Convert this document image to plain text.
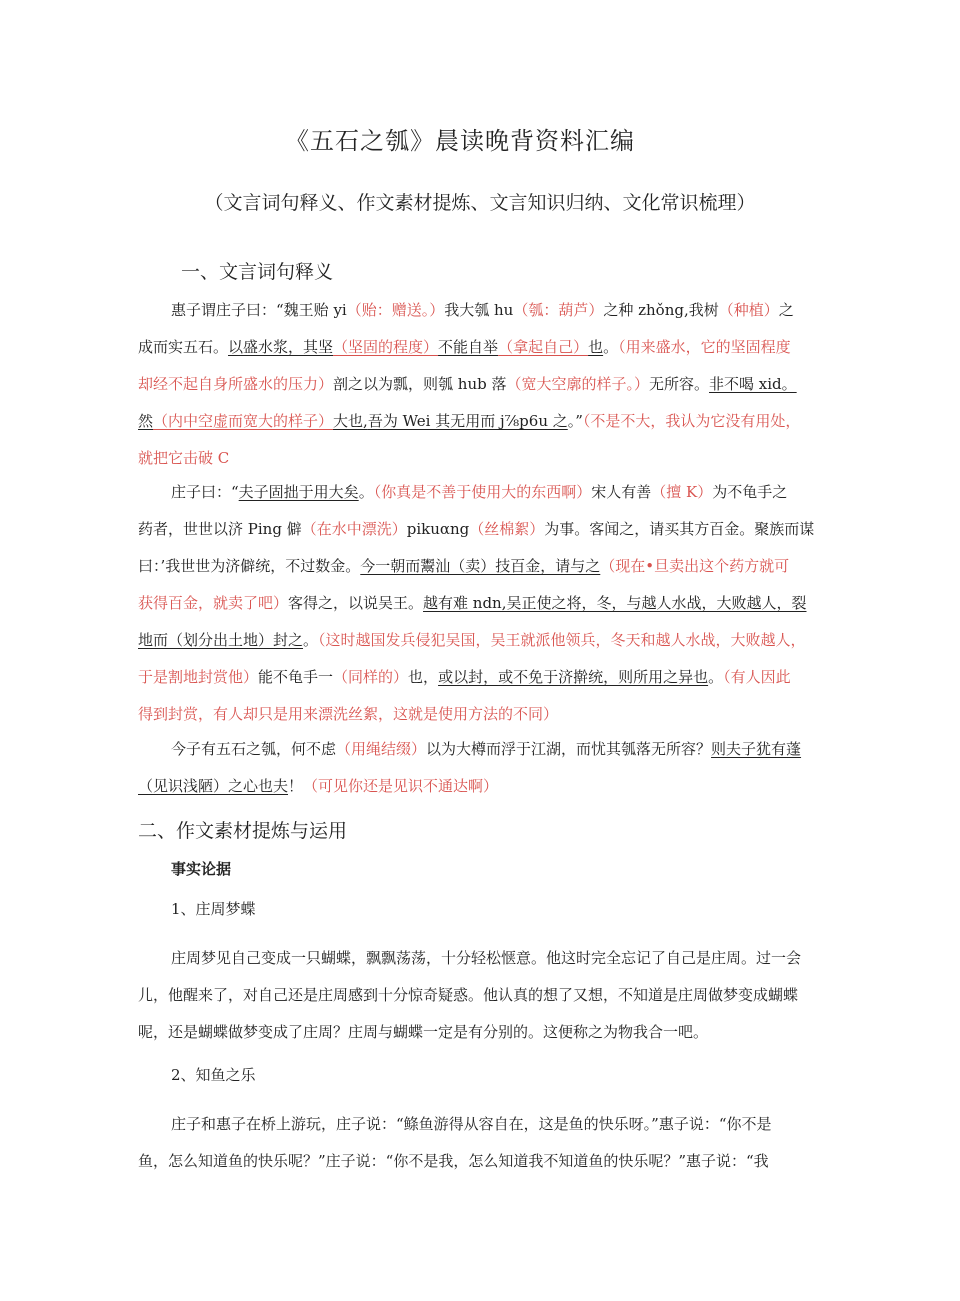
《五石之瓠》晨读晚背资料汇编
（文言词句释义、作文素材提炼、文言知识归纳、文化常识梳理）
一、文言词句释义
惠子谓庄子曰：“魏王贻 yi（贻：赠送。）我大瓠 hu（瓠：葫芦）之种 zhǒng,我树（种植）之
成而实五石。以盛水浆，其坚（坚固的程度）不能自举（拿起自己）也。（用来盛水，它的坚固程度
却经不起自身所盛水的压力）剖之以为瓢，则瓠 hub 落（宽大空廓的样子。）无所容。非不喝 xid。
然（内中空虚而宽大的样子）大也,吾为 Wei 其无用而 j⅞p6u 之。”（不是不大，我认为它没有用处，
就把它击破 C
庄子曰：“夫子固拙于用大矣。（你真是不善于使用大的东西啊）宋人有善（擅 K）为不龟手之
药者，世世以济 Ping 僻（在水中漂洗）pikuαng（丝棉絮）为事。客闻之，请买其方百金。聚族而谋
曰：’我世世为济僻统，不过数金。今一朝而鬻汕（卖）技百金，请与之（现在•旦卖出这个药方就可
获得百金，就卖了吧）客得之，以说吴王。越有难 ndn,吴正使之将，冬，与越人水战，大败越人，裂
地而（划分出土地）封之。（这时越国发兵侵犯吴国，吴王就派他领兵，冬天和越人水战，大败越人，
于是割地封赏他）能不龟手一（同样的）也，或以封，或不免于济擀统，则所用之异也。（有人因此
得到封赏，有人却只是用来漂洗丝絮，这就是使用方法的不同）
今子有五石之瓠，何不虑（用绳结缀）以为大樽而浮于江湖，而忧其瓠落无所容？则夫子犹有蓬
（见识浅陋）之心也夫！（可见你还是见识不通达啊）
二、作文素材提炼与运用
事实论据
1、庄周梦蝶
庄周梦见自己变成一只蝴蝶，飘飘荡荡，十分轻松惬意。他这时完全忘记了自己是庄周。过一会
儿，他醒来了，对自己还是庄周感到十分惊奇疑惑。他认真的想了又想，不知道是庄周做梦变成蝴蝶
呢，还是蝴蝶做梦变成了庄周？庄周与蝴蝶一定是有分别的。这便称之为物我合一吧。
2、知鱼之乐
庄子和惠子在桥上游玩，庄子说：“鲦鱼游得从容自在，这是鱼的快乐呀。”惠子说：“你不是
鱼，怎么知道鱼的快乐呢？”庄子说：“你不是我，怎么知道我不知道鱼的快乐呢？”惠子说：“我
